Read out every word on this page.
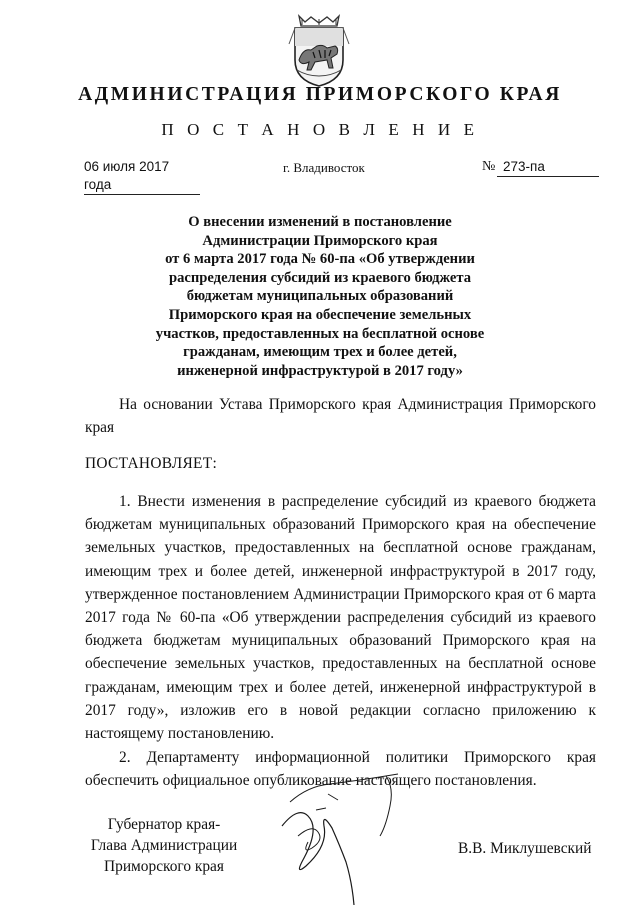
АДМИНИСТРАЦИЯ ПРИМОРСКОГО КРАЯ
П О С Т А Н О В Л Е Н И Е
06 июля 2017 года
г. Владивосток	№ 273-па
О внесении изменений в постановление
Администрации Приморского края
от 6 марта 2017 года № 60-па «Об утверждении
распределения субсидий из краевого бюджета
бюджетам муниципальных образований
Приморского края на обеспечение земельных
участков, предоставленных на бесплатной основе
гражданам, имеющим трех и более детей,
инженерной инфраструктурой в 2017 году»
На основании Устава Приморского края Администрация Приморского края
ПОСТАНОВЛЯЕТ:
1. Внести изменения в распределение субсидий из краевого бюджета бюджетам муниципальных образований Приморского края на обеспечение земельных участков, предоставленных на бесплатной основе гражданам, имеющим трех и более детей, инженерной инфраструктурой в 2017 году, утвержденное постановлением Администрации Приморского края от 6 марта 2017 года № 60-па «Об утверждении распределения субсидий из краевого бюджета бюджетам муниципальных образований Приморского края на обеспечение земельных участков, предоставленных на бесплатной основе гражданам, имеющим трех и более детей, инженерной инфраструктурой в 2017 году», изложив его в новой редакции согласно приложению к настоящему постановлению.
2. Департаменту информационной политики Приморского края обеспечить официальное опубликование настоящего постановления.
Губернатор края-
Глава Администрации
Приморского края
В.В. Миклушевский
